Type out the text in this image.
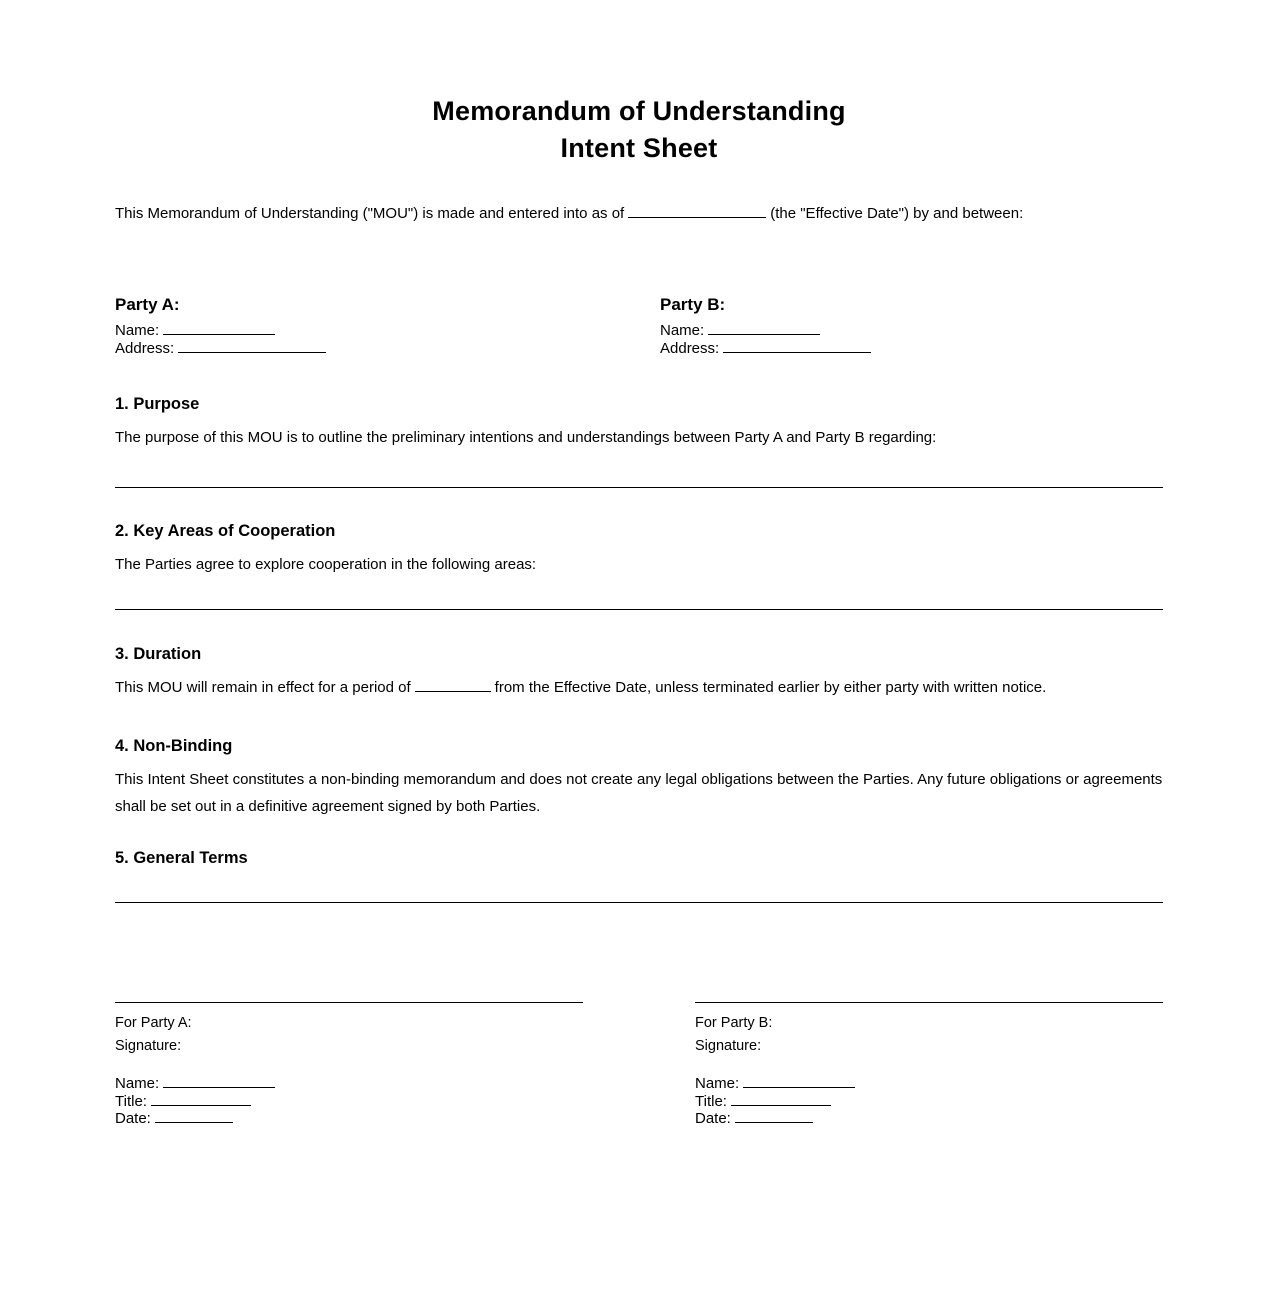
Memorandum of Understanding
Intent Sheet

This Memorandum of Understanding ("MOU") is made and entered into as of	(the "Effective Date") by and between:

Party A:
Name:
Address:
Party B:
Name:
Address:
1. Purpose

The purpose of this MOU is to outline the preliminary intentions and understandings between Party A and Party B regarding:

2. Key Areas of Cooperation

The Parties agree to explore cooperation in the following areas:

3. Duration

This MOU will remain in effect for a period of	from the Effective Date, unless terminated earlier by either party with written notice.

4. Non-Binding

This Intent Sheet constitutes a non-binding memorandum and does not create any legal obligations between the Parties. Any future obligations or agreements shall be set out in a definitive agreement signed by both Parties.

5. General Terms
For Party A:
Signature:
Name:
Title:
Date:
For Party B:
Signature:
Name:
Title:
Date:
